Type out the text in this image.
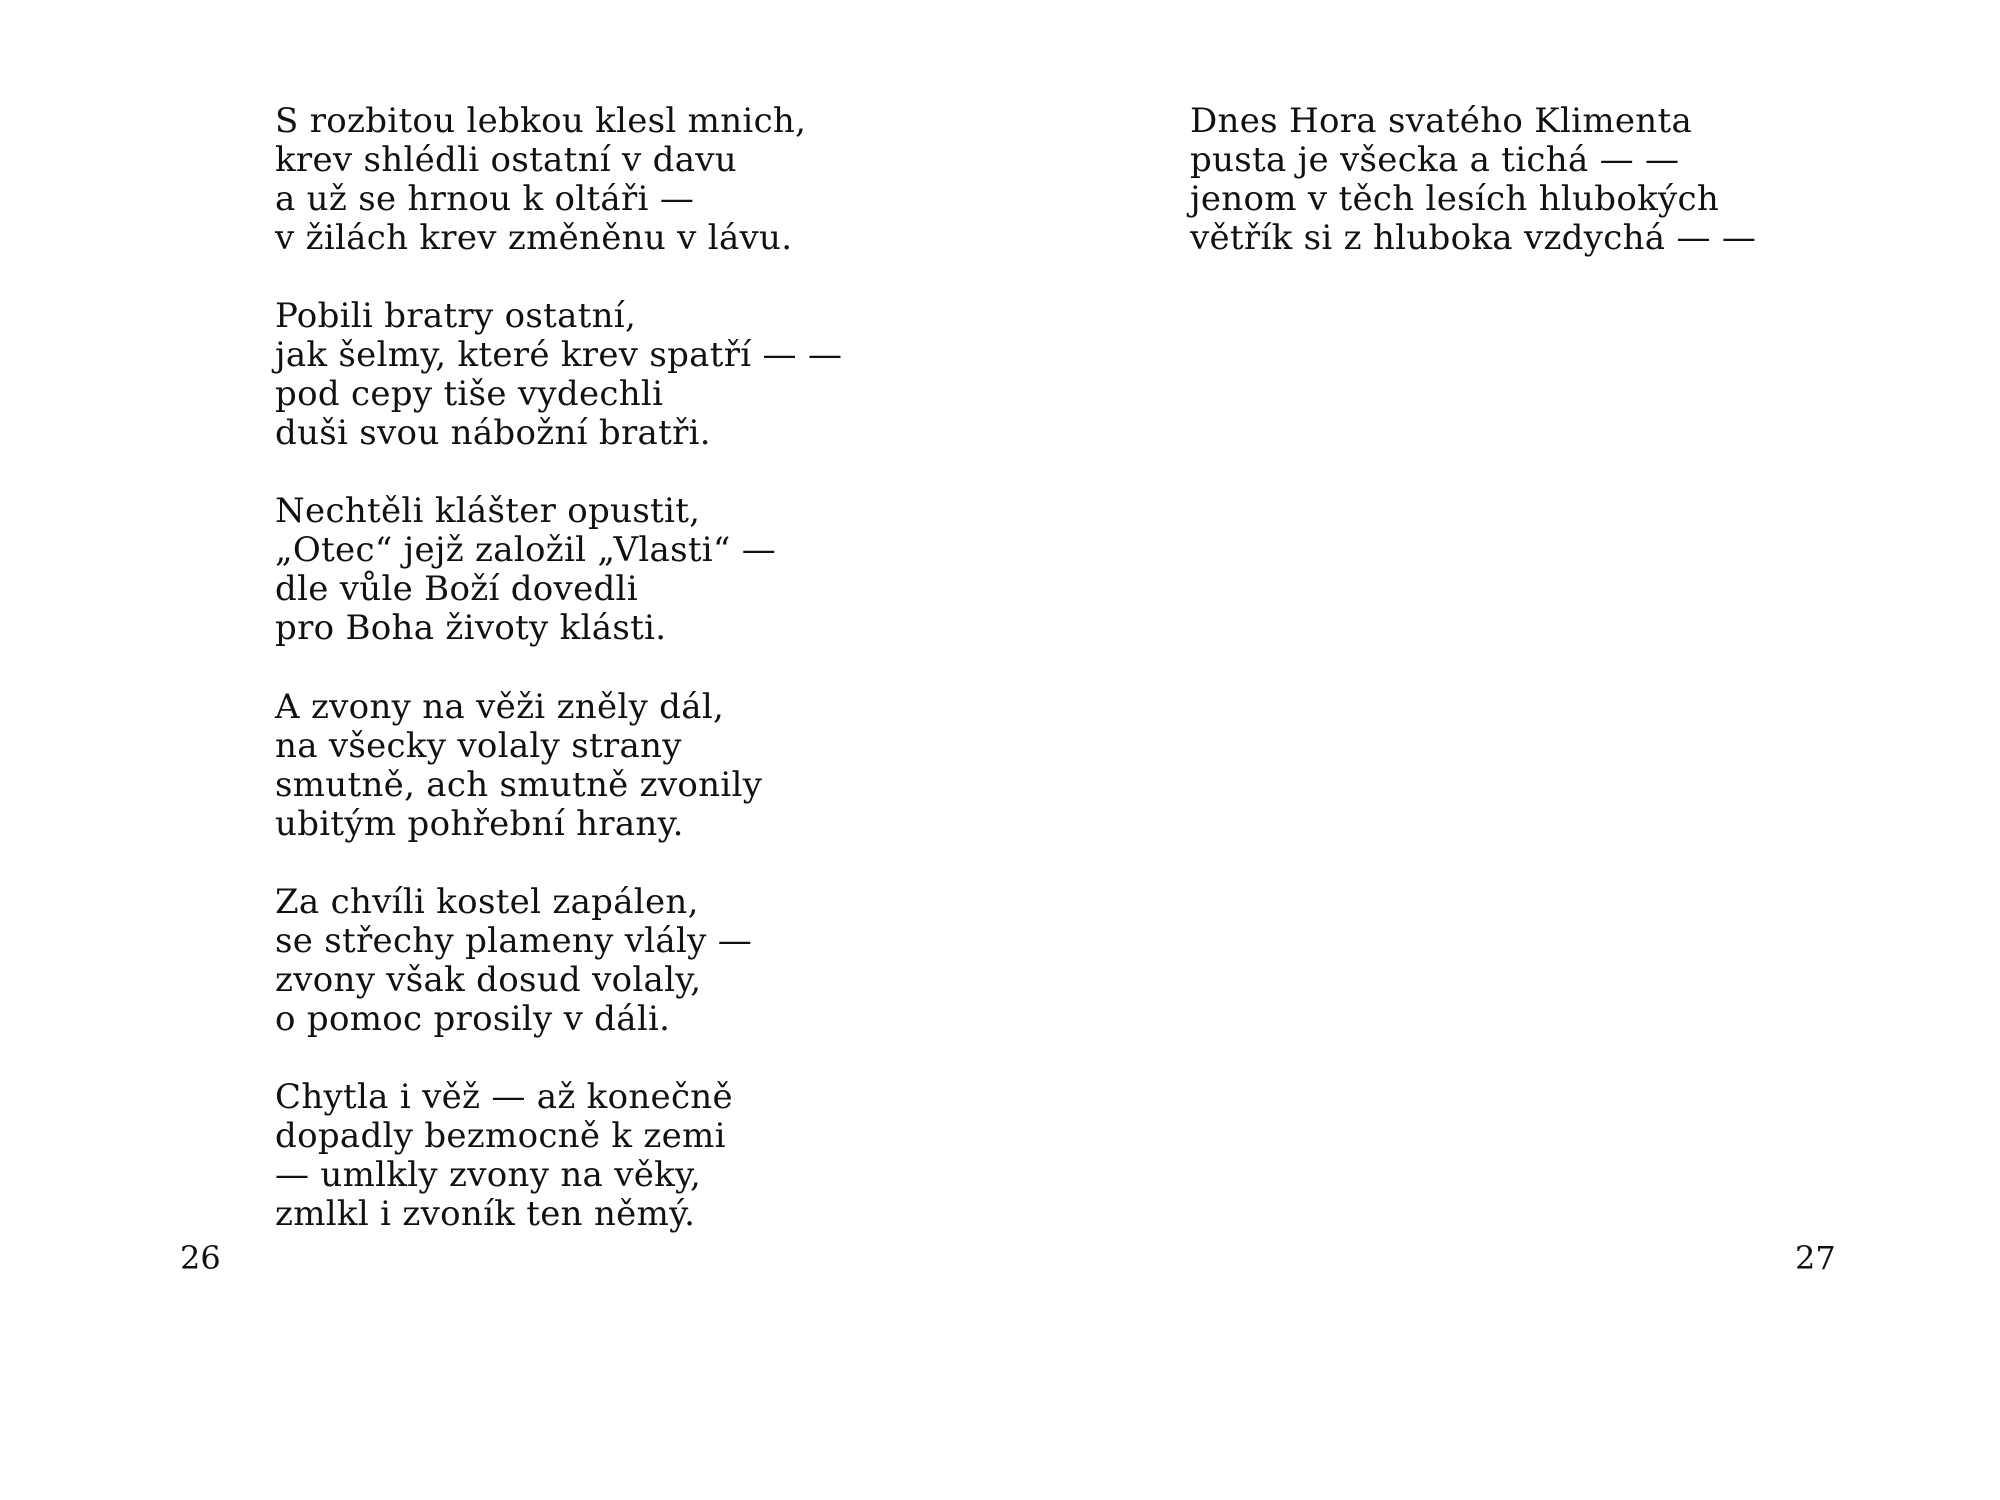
S rozbitou lebkou klesl mnich,
krev shlédli ostatní v davu
a už se hrnou k oltáři —
v žilách krev změněnu v lávu.
Pobili bratry ostatní,
jak šelmy, které krev spatří — —
pod cepy tiše vydechli
duši svou nábožní bratři.
Nechtěli klášter opustit,
„Otec“ jejž založil „Vlasti“ —
dle vůle Boží dovedli
pro Boha životy klásti.
A zvony na věži zněly dál,
na všecky volaly strany
smutně, ach smutně zvonily
ubitým pohřební hrany.
Za chvíli kostel zapálen,
se střechy plameny vlály —
zvony však dosud volaly,
o pomoc prosily v dáli.
Chytla i věž — až konečně
dopadly bezmocně k zemi
— umlkly zvony na věky,
zmlkl i zvoník ten němý.
26
Dnes Hora svatého Klimenta
pusta je všecka a tichá — —
jenom v těch lesích hlubokých
větřík si z hluboka vzdychá — —
27
